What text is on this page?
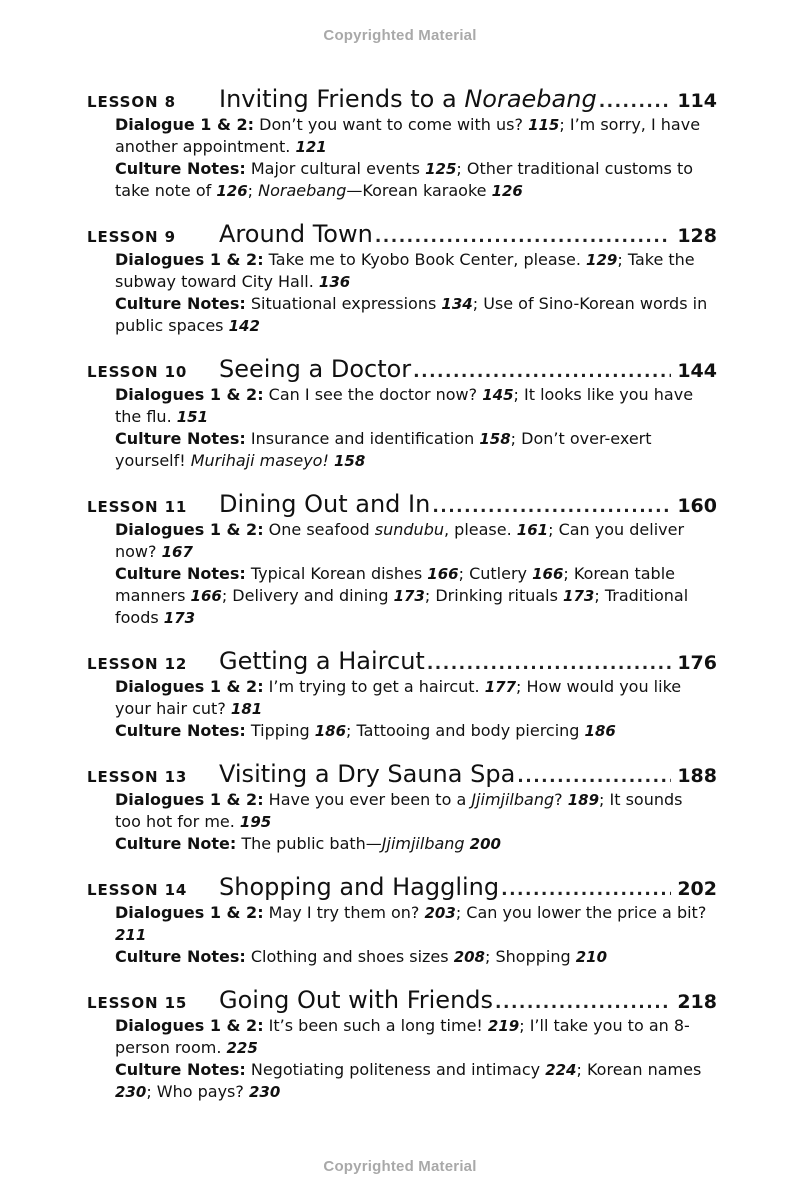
Copyrighted Material
LESSON 8	Inviting Friends to a Noraebang .....	114

Dialogue 1 & 2: Don’t you want to come with us? 115; I’m sorry, I have another appointment. 121

Culture Notes: Major cultural events 125; Other traditional customs to take note of 126; Noraebang—Korean karaoke 126

LESSON 9	Around Town .....	128

Dialogues 1 & 2: Take me to Kyobo Book Center, please. 129; Take the subway toward City Hall. 136

Culture Notes: Situational expressions 134; Use of Sino-Korean words in public spaces 142

LESSON 10	Seeing a Doctor .....	144

Dialogues 1 & 2: Can I see the doctor now? 145; It looks like you have the flu. 151

Culture Notes: Insurance and identification 158; Don’t over-exert yourself! Murihaji maseyo! 158

LESSON 11	Dining Out and In .....	160

Dialogues 1 & 2: One seafood sundubu, please. 161; Can you deliver now? 167

Culture Notes: Typical Korean dishes 166; Cutlery 166; Korean table manners 166; Delivery and dining 173; Drinking rituals 173; Traditional foods 173

LESSON 12	Getting a Haircut .....	176

Dialogues 1 & 2: I’m trying to get a haircut. 177; How would you like your hair cut? 181

Culture Notes: Tipping 186; Tattooing and body piercing 186

LESSON 13	Visiting a Dry Sauna Spa .....	188

Dialogues 1 & 2: Have you ever been to a Jjimjilbang? 189; It sounds too hot for me. 195

Culture Note: The public bath—Jjimjilbang 200

LESSON 14	Shopping and Haggling .....	202

Dialogues 1 & 2: May I try them on? 203; Can you lower the price a bit? 211

Culture Notes: Clothing and shoes sizes 208; Shopping 210

LESSON 15	Going Out with Friends .....	218

Dialogues 1 & 2: It’s been such a long time! 219; I’ll take you to an 8-person room. 225

Culture Notes: Negotiating politeness and intimacy 224; Korean names 230; Who pays? 230

Copyrighted Material
